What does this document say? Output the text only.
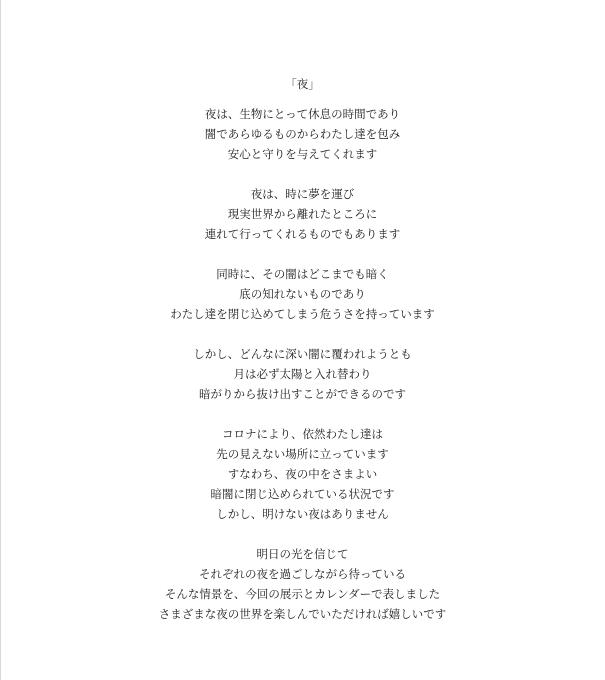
「夜」
夜は、生物にとって休息の時間であり
闇であらゆるものからわたし達を包み
安心と守りを与えてくれます
夜は、時に夢を運び
現実世界から離れたところに
連れて行ってくれるものでもあります
同時に、その闇はどこまでも暗く
底の知れないものであり
わたし達を閉じ込めてしまう危うさを持っています
しかし、どんなに深い闇に覆われようとも
月は必ず太陽と入れ替わり
暗がりから抜け出すことができるのです
コロナにより、依然わたし達は
先の見えない場所に立っています
すなわち、夜の中をさまよい
暗闇に閉じ込められている状況です
しかし、明けない夜はありません
明日の光を信じて
それぞれの夜を過ごしながら待っている
そんな情景を、今回の展示とカレンダーで表しました
さまざまな夜の世界を楽しんでいただければ嬉しいです
